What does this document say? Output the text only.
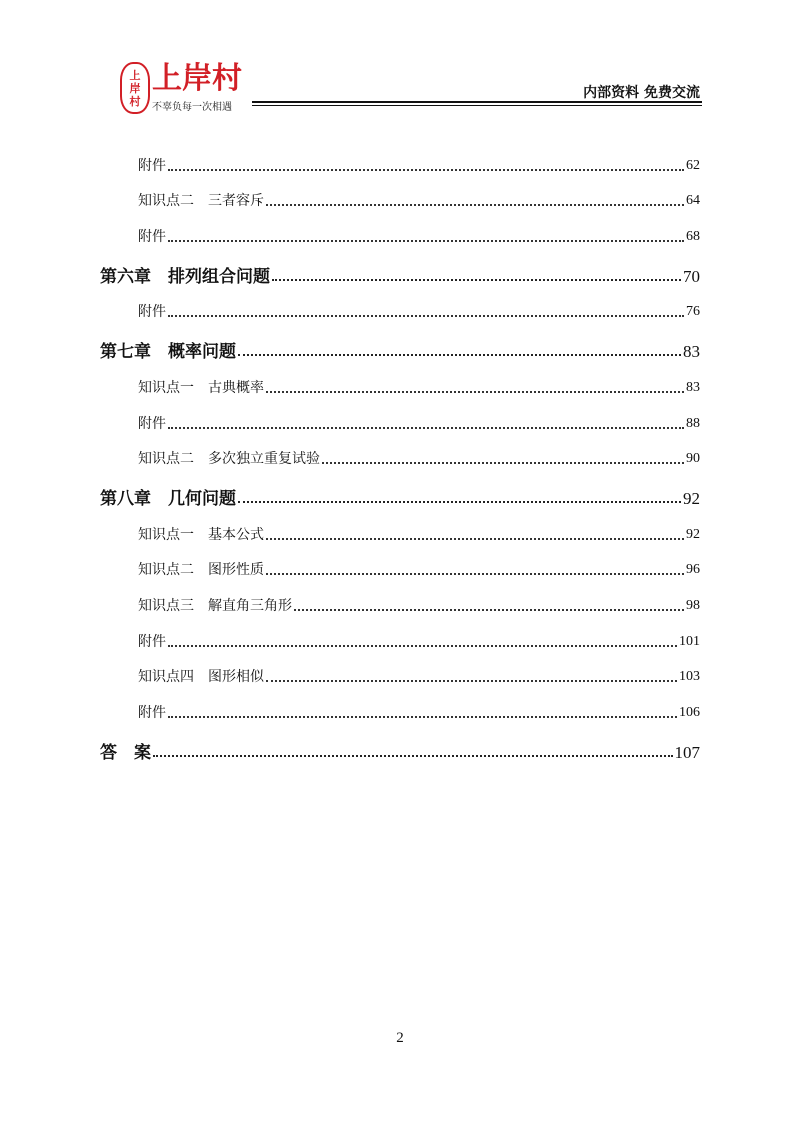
上
岸
村
上岸村
不辜负每一次相遇
内部资料 免费交流
附件	62
知识点二　三者容斥	64
附件	68
第六章　排列组合问题	70
附件	76
第七章　概率问题	83
知识点一　古典概率	83
附件	88
知识点二　多次独立重复试验	90
第八章　几何问题	92
知识点一　基本公式	92
知识点二　图形性质	96
知识点三　解直角三角形	98
附件	101
知识点四　图形相似	103
附件	106
答　案	107
2
